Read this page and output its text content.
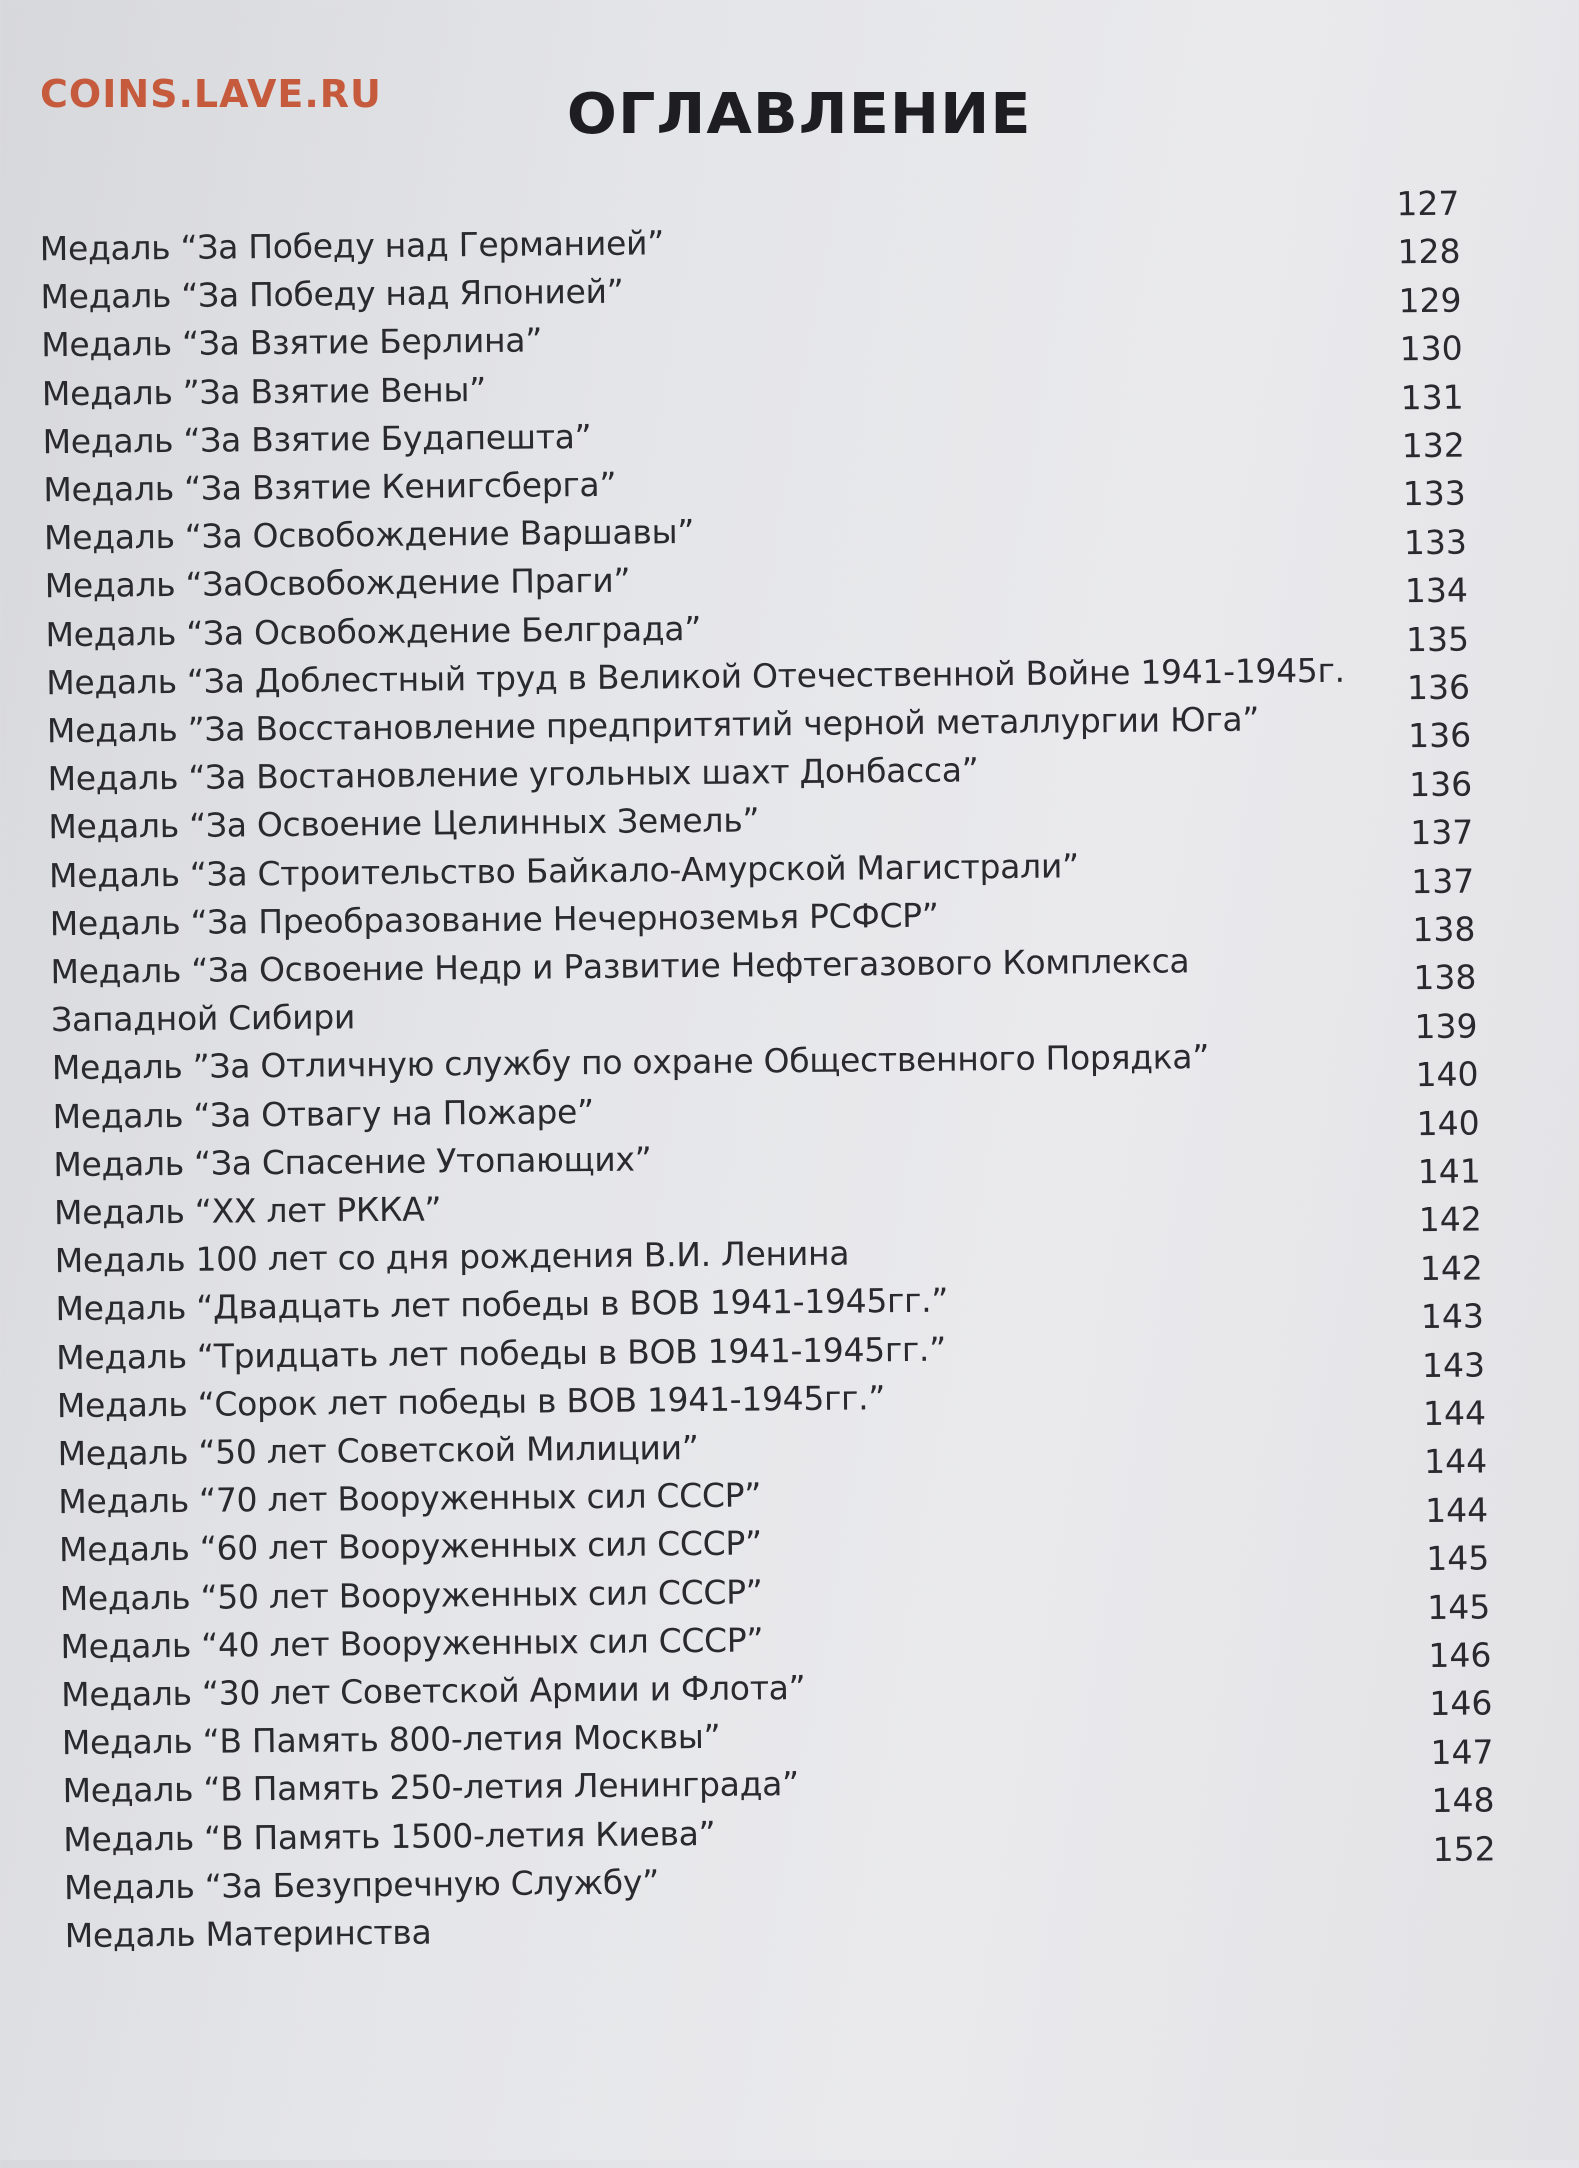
COINS.LAVE.RU	ОГЛАВЛЕНИЕ
Медаль “За Победу над Германией”
Медаль “За Победу над Японией”
Медаль “За Взятие Берлина”
Медаль ”За Взятие Вены”
Медаль “За Взятие Будапешта”
Медаль “За Взятие Кенигсберга”
Медаль “За Освобождение Варшавы”
Медаль “ЗаОсвобождение Праги”
Медаль “За Освобождение Белграда”
Медаль “За Доблестный труд в Великой Отечественной Войне 1941-1945г.
Медаль ”За Восстановление предпритятий черной металлургии Юга”
Медаль “За Востановление угольных шахт Донбасса”
Медаль “За Освоение Целинных Земель”
Медаль “За Строительство Байкало-Амурской Магистрали”
Медаль “За Преобразование Нечерноземья РСФСР”
Медаль “За Освоение Недр и Развитие Нефтегазового Комплекса
Западной Сибири
Медаль ”За Отличную службу по охране Общественного Порядка”
Медаль “За Отвагу на Пожаре”
Медаль “За Спасение Утопающих”
Медаль “XX лет РККА”
Медаль 100 лет со дня рождения В.И. Ленина
Медаль “Двадцать лет победы в ВОВ 1941-1945гг.”
Медаль “Тридцать лет победы в ВОВ 1941-1945гг.”
Медаль “Сорок лет победы в ВОВ 1941-1945гг.”
Медаль “50 лет Советской Милиции”
Медаль “70 лет Вооруженных сил СССР”
Медаль “60 лет Вооруженных сил СССР”
Медаль “50 лет Вооруженных сил СССР”
Медаль “40 лет Вооруженных сил СССР”
Медаль “30 лет Советской Армии и Флота”
Медаль “В Память 800-летия Москвы”
Медаль “В Память 250-летия Ленинграда”
Медаль “В Память 1500-летия Киева”
Медаль “За Безупречную Службу”
Медаль Материнства
127
128
129
130
131
132
133
133
134
135
136
136
136
137
137
138
138
139
140
140
141
142
142
143
143
144
144
144
145
145
146
146
147
148
152
